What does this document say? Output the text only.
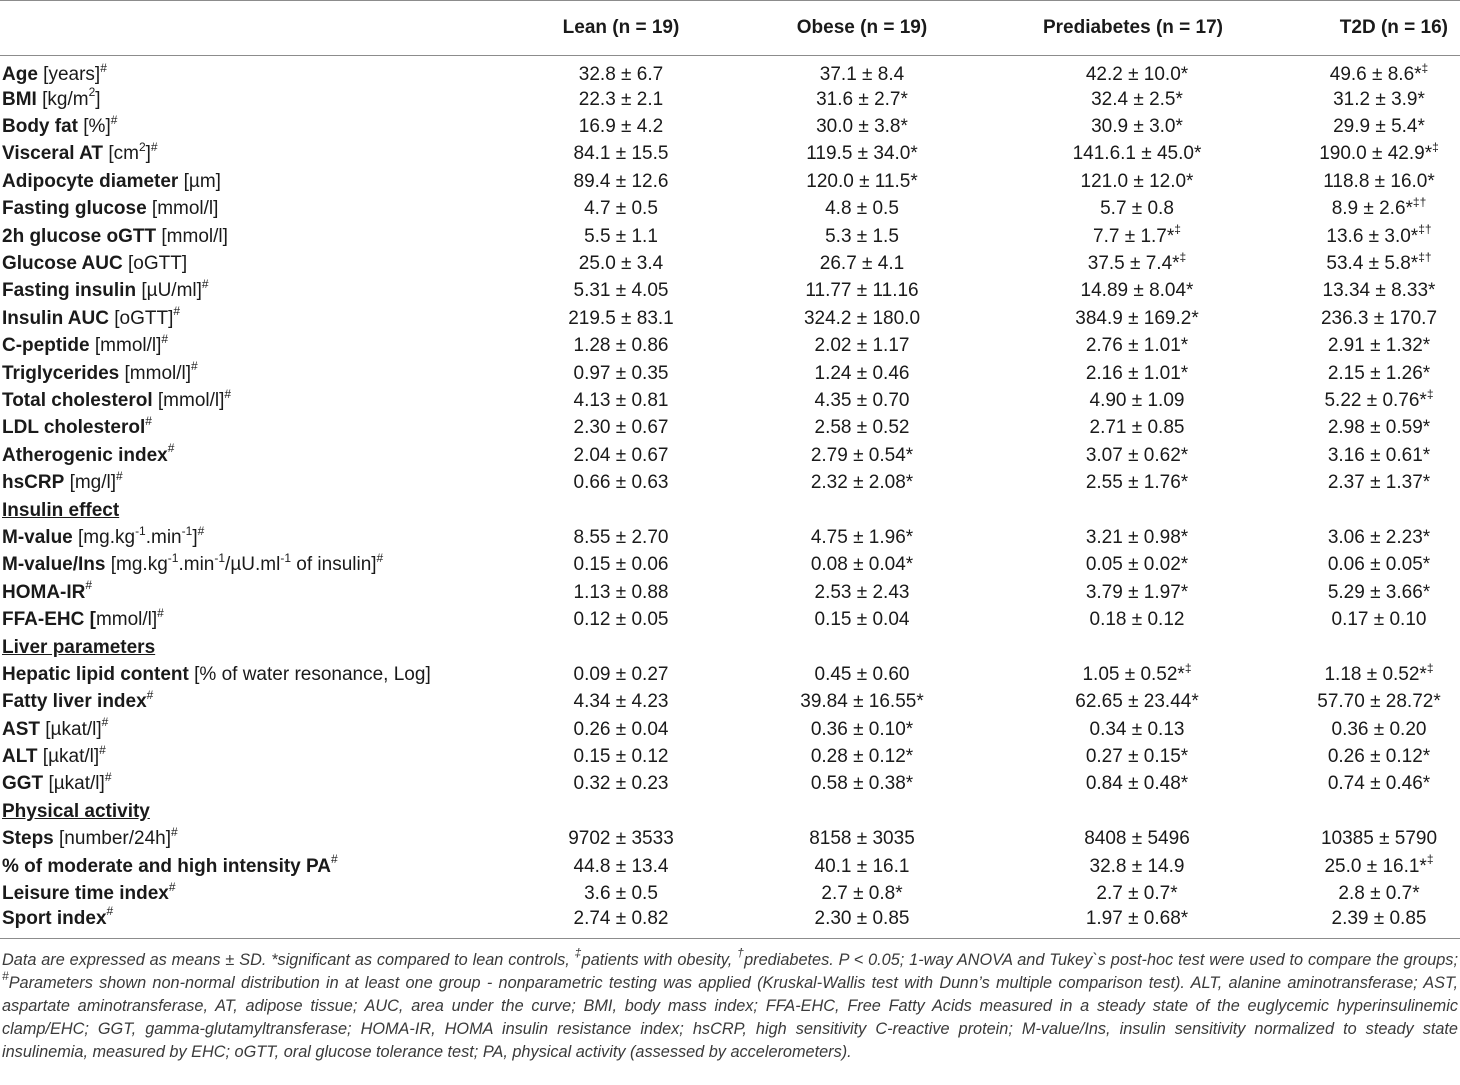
	Lean (n = 19)	Obese (n = 19)	Prediabetes (n = 17)	T2D (n = 16)
Age [years]#	32.8 ± 6.7	37.1 ± 8.4	42.2 ± 10.0*	49.6 ± 8.6*‡
BMI $[kg/m^2]$	22.3 ± 2.1	31.6 ± 2.7*	32.4 ± 2.5*	31.2 ± 3.9*
Body fat [%]#	16.9 ± 4.2	30.0 ± 3.8*	30.9 ± 3.0*	29.9 ± 5.4*
Visceral AT $[cm^2]^{\#}$	84.1 ± 15.5	119.5 ± 34.0*	141.6.1 ± 45.0*	190.0 ± 42.9*‡
Adipocyte diameter [µm]	89.4 ± 12.6	120.0 ± 11.5*	121.0 ± 12.0*	118.8 ± 16.0*
Fasting glucose [mmol/l]	4.7 ± 0.5	4.8 ± 0.5	5.7 ± 0.8	8.9 ± 2.6*‡†
2h glucose oGTT [mmol/l]	5.5 ± 1.1	5.3 ± 1.5	7.7 ± 1.7*‡	13.6 ± 3.0*‡†
Glucose AUC [oGTT]	25.0 ± 3.4	26.7 ± 4.1	37.5 ± 7.4*‡	53.4 ± 5.8*‡†
Fasting insulin [µU/ml]#	5.31 ± 4.05	11.77 ± 11.16	14.89 ± 8.04*	13.34 ± 8.33*
Insulin AUC [oGTT]#	219.5 ± 83.1	324.2 ± 180.0	384.9 ± 169.2*	236.3 ± 170.7
C-peptide [mmol/l]#	1.28 ± 0.86	2.02 ± 1.17	2.76 ± 1.01*	2.91 ± 1.32*
Triglycerides [mmol/l]#	0.97 ± 0.35	1.24 ± 0.46	2.16 ± 1.01*	2.15 ± 1.26*
Total cholesterol [mmol/l]#	4.13 ± 0.81	4.35 ± 0.70	4.90 ± 1.09	5.22 ± 0.76*‡
LDL cholesterol#	2.30 ± 0.67	2.58 ± 0.52	2.71 ± 0.85	2.98 ± 0.59*
Atherogenic index#	2.04 ± 0.67	2.79 ± 0.54*	3.07 ± 0.62*	3.16 ± 0.61*
hsCRP [mg/l]#	0.66 ± 0.63	2.32 ± 2.08*	2.55 ± 1.76*	2.37 ± 1.37*
Insulin effect				
M-value $[mg.kg^{-1}.\min^{-1}]^{\#}$	8.55 ± 2.70	4.75 ± 1.96*	3.21 ± 0.98*	3.06 ± 2.23*
M-value/Ins [$mg.kg^{-1}.\min^{-1}/\mu U.ml^{-1}$ of insulin]#	0.15 ± 0.06	0.08 ± 0.04*	0.05 ± 0.02*	0.06 ± 0.05*
HOMA-IR#	1.13 ± 0.88	2.53 ± 2.43	3.79 ± 1.97*	5.29 ± 3.66*
FFA-EHC [mmol/l]#	0.12 ± 0.05	0.15 ± 0.04	0.18 ± 0.12	0.17 ± 0.10
Liver parameters				
Hepatic lipid content [% of water resonance, Log]	0.09 ± 0.27	0.45 ± 0.60	1.05 ± 0.52*‡	1.18 ± 0.52*‡
Fatty liver index#	4.34 ± 4.23	39.84 ± 16.55*	62.65 ± 23.44*	57.70 ± 28.72*
AST [µkat/l]#	0.26 ± 0.04	0.36 ± 0.10*	0.34 ± 0.13	0.36 ± 0.20
ALT [µkat/l]#	0.15 ± 0.12	0.28 ± 0.12*	0.27 ± 0.15*	0.26 ± 0.12*
GGT [µkat/l]#	0.32 ± 0.23	0.58 ± 0.38*	0.84 ± 0.48*	0.74 ± 0.46*
Physical activity				
Steps [number/24h]#	9702 ± 3533	8158 ± 3035	8408 ± 5496	10385 ± 5790
% of moderate and high intensity PA#	44.8 ± 13.4	40.1 ± 16.1	32.8 ± 14.9	25.0 ± 16.1*‡
Leisure time index#	3.6 ± 0.5	2.7 ± 0.8*	2.7 ± 0.7*	2.8 ± 0.7*
Sport index#	2.74 ± 0.82	2.30 ± 0.85	1.97 ± 0.68*	2.39 ± 0.85
Data are expressed as means ± SD. *significant as compared to lean controls, ‡patients with obesity, †prediabetes. P < 0.05; 1-way ANOVA and Tukey`s post-hoc test were used to compare the groups; #Parameters shown non-normal distribution in at least one group - nonparametric testing was applied (Kruskal-Wallis test with Dunn’s multiple comparison test). ALT, alanine aminotransferase; AST, aspartate aminotransferase, AT, adipose tissue; AUC, area under the curve; BMI, body mass index; FFA-EHC, Free Fatty Acids measured in a steady state of the euglycemic hyperinsulinemic clamp/EHC; GGT, gamma-glutamyltransferase; HOMA-IR, HOMA insulin resistance index; hsCRP, high sensitivity C-reactive protein; M-value/Ins, insulin sensitivity normalized to steady state insulinemia, measured by EHC; oGTT, oral glucose tolerance test; PA, physical activity (assessed by accelerometers).				
